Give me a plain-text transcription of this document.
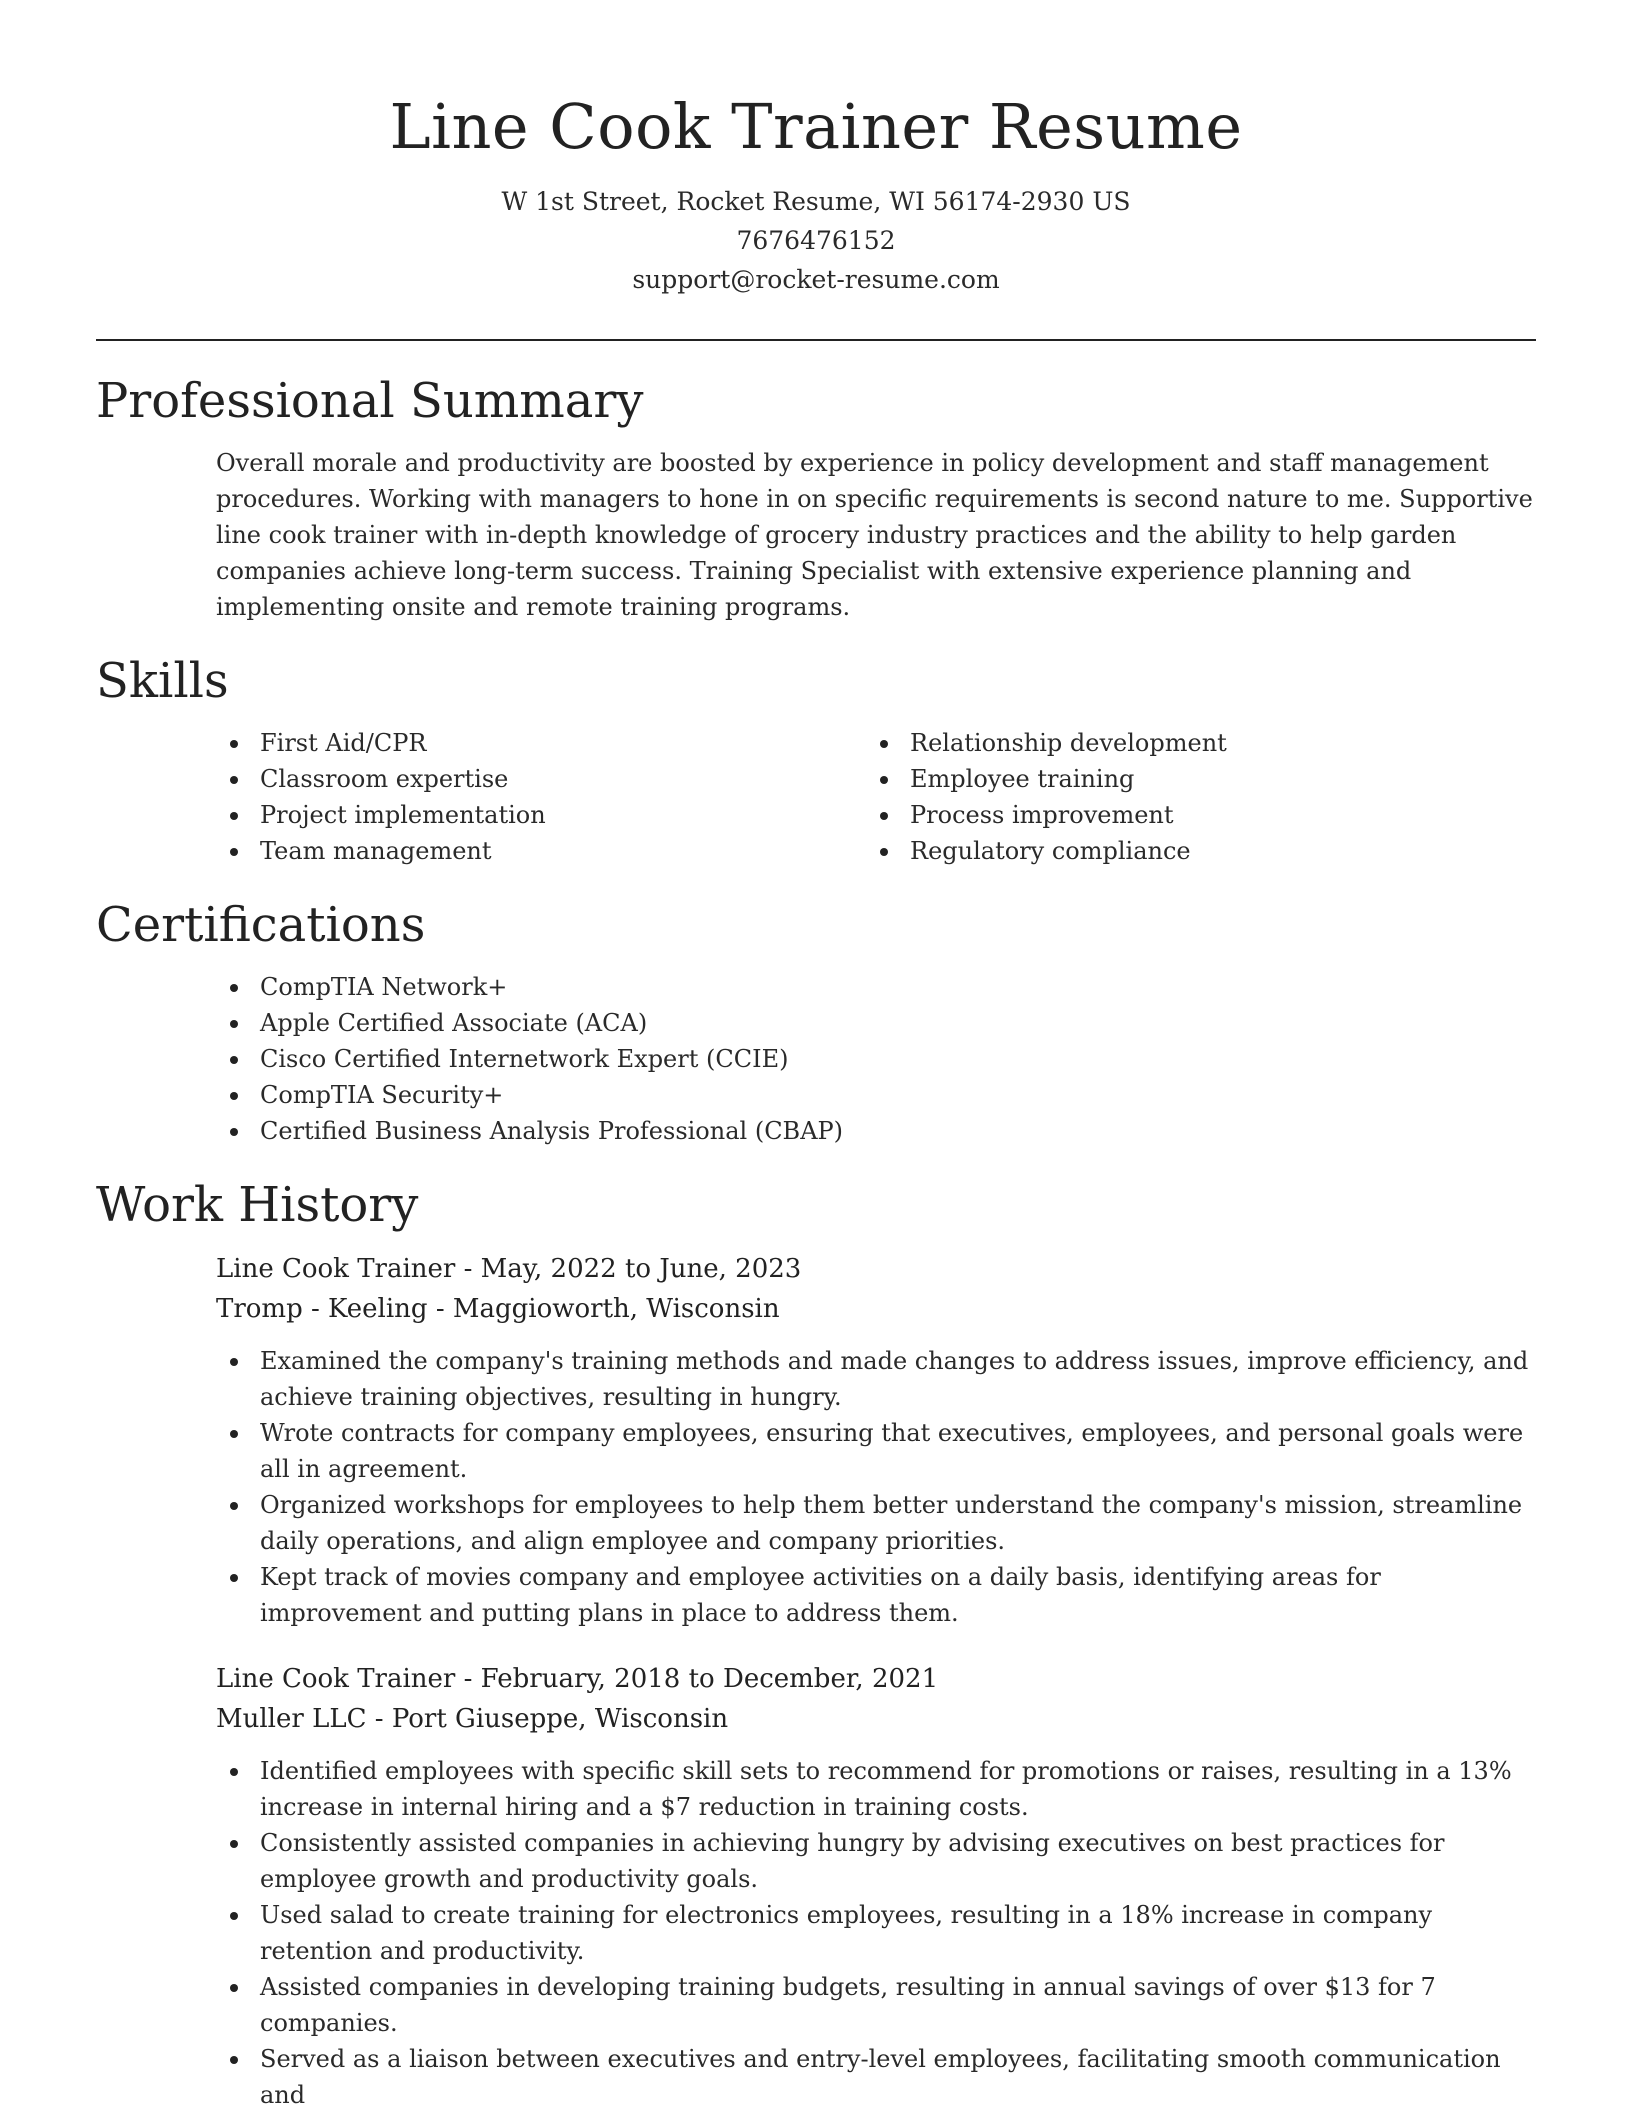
Line Cook Trainer Resume
W 1st Street, Rocket Resume, WI 56174-2930 US
7676476152
support@rocket-resume.com
Professional Summary

Overall morale and productivity are boosted by experience in policy development and staff management procedures. Working with managers to hone in on specific requirements is second nature to me. Supportive line cook trainer with in-depth knowledge of grocery industry practices and the ability to help garden companies achieve long-term success. Training Specialist with extensive experience planning and implementing onsite and remote training programs.

Skills
First Aid/CPR
Classroom expertise
Project implementation
Team management
Relationship development
Employee training
Process improvement
Regulatory compliance
Certifications
CompTIA Network+
Apple Certified Associate (ACA)
Cisco Certified Internetwork Expert (CCIE)
CompTIA Security+
Certified Business Analysis Professional (CBAP)
Work History
Line Cook Trainer - May, 2022 to June, 2023
Tromp - Keeling - Maggioworth, Wisconsin
Examined the company's training methods and made changes to address issues, improve efficiency, and achieve training objectives, resulting in hungry.
Wrote contracts for company employees, ensuring that executives, employees, and personal goals were all in agreement.
Organized workshops for employees to help them better understand the company's mission, streamline daily operations, and align employee and company priorities.
Kept track of movies company and employee activities on a daily basis, identifying areas for improvement and putting plans in place to address them.
Line Cook Trainer - February, 2018 to December, 2021
Muller LLC - Port Giuseppe, Wisconsin
Identified employees with specific skill sets to recommend for promotions or raises, resulting in a 13% increase in internal hiring and a $7 reduction in training costs.
Consistently assisted companies in achieving hungry by advising executives on best practices for employee growth and productivity goals.
Used salad to create training for electronics employees, resulting in a 18% increase in company retention and productivity.
Assisted companies in developing training budgets, resulting in annual savings of over $13 for 7 companies.
Served as a liaison between executives and entry-level employees, facilitating smooth communication and
